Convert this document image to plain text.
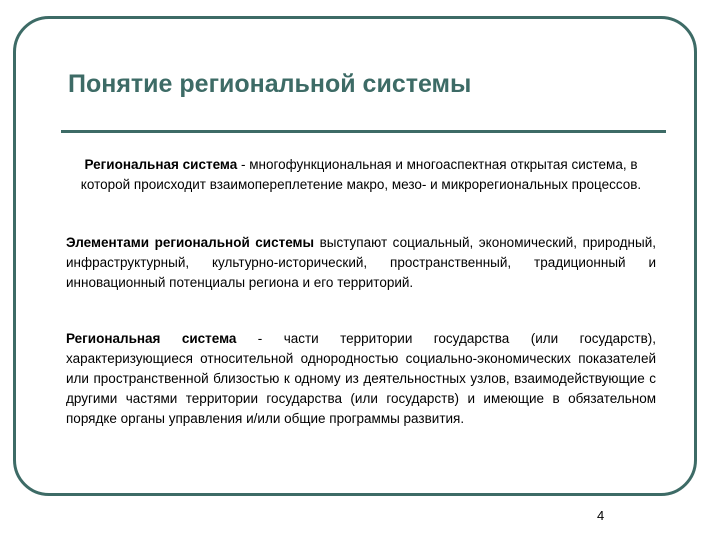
Понятие региональной системы

Региональная система - многофункциональная и многоаспектная открытая система, в которой происходит взаимопереплетение макро, мезо- и микрорегиональных процессов.

Элементами региональной системы выступают социальный, экономический, природный, инфраструктурный, культурно-исторический, пространственный, традиционный и инновационный потенциалы региона и его территорий.

Региональная система - части территории государства (или государств), характеризующиеся относительной однородностью социально-экономических показателей или пространственной близостью к одному из деятельностных узлов, взаимодействующие с другими частями территории государства (или государств) и имеющие в обязательном порядке органы управления и/или общие программы развития.

4
